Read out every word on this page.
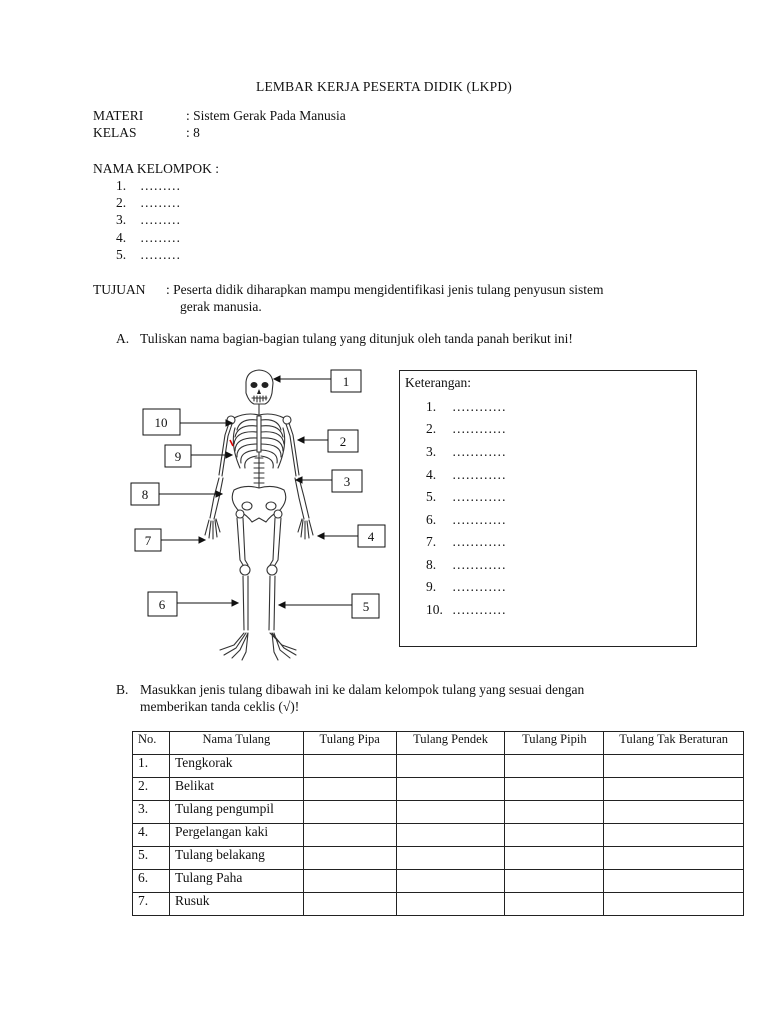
LEMBAR KERJA PESERTA DIDIK (LKPD)
MATERI	: Sistem Gerak Pada Manusia
KELAS	: 8
NAMA KELOMPOK :
1. ………
2. ………
3. ………
4. ………
5. ………
TUJUAN : Peserta didik diharapkan mampu mengidentifikasi jenis tulang penyusun sistem
gerak manusia.
A. Tuliskan nama bagian-bagian tulang yang ditunjuk oleh tanda panah berikut ini!
1
2
3
4
5
6
7
8
9
10
Keterangan:
1. …………
2. …………
3. …………
4. …………
5. …………
6. …………
7. …………
8. …………
9. …………
10. …………
B. Masukkan jenis tulang dibawah ini ke dalam kelompok tulang yang sesuai dengan
memberikan tanda ceklis (√)!
No.	Nama Tulang	Tulang Pipa	Tulang Pendek	Tulang Pipih	Tulang Tak Beraturan
1.	Tengkorak				
2.	Belikat				
3.	Tulang pengumpil				
4.	Pergelangan kaki				
5.	Tulang belakang				
6.	Tulang Paha				
7.	Rusuk				
